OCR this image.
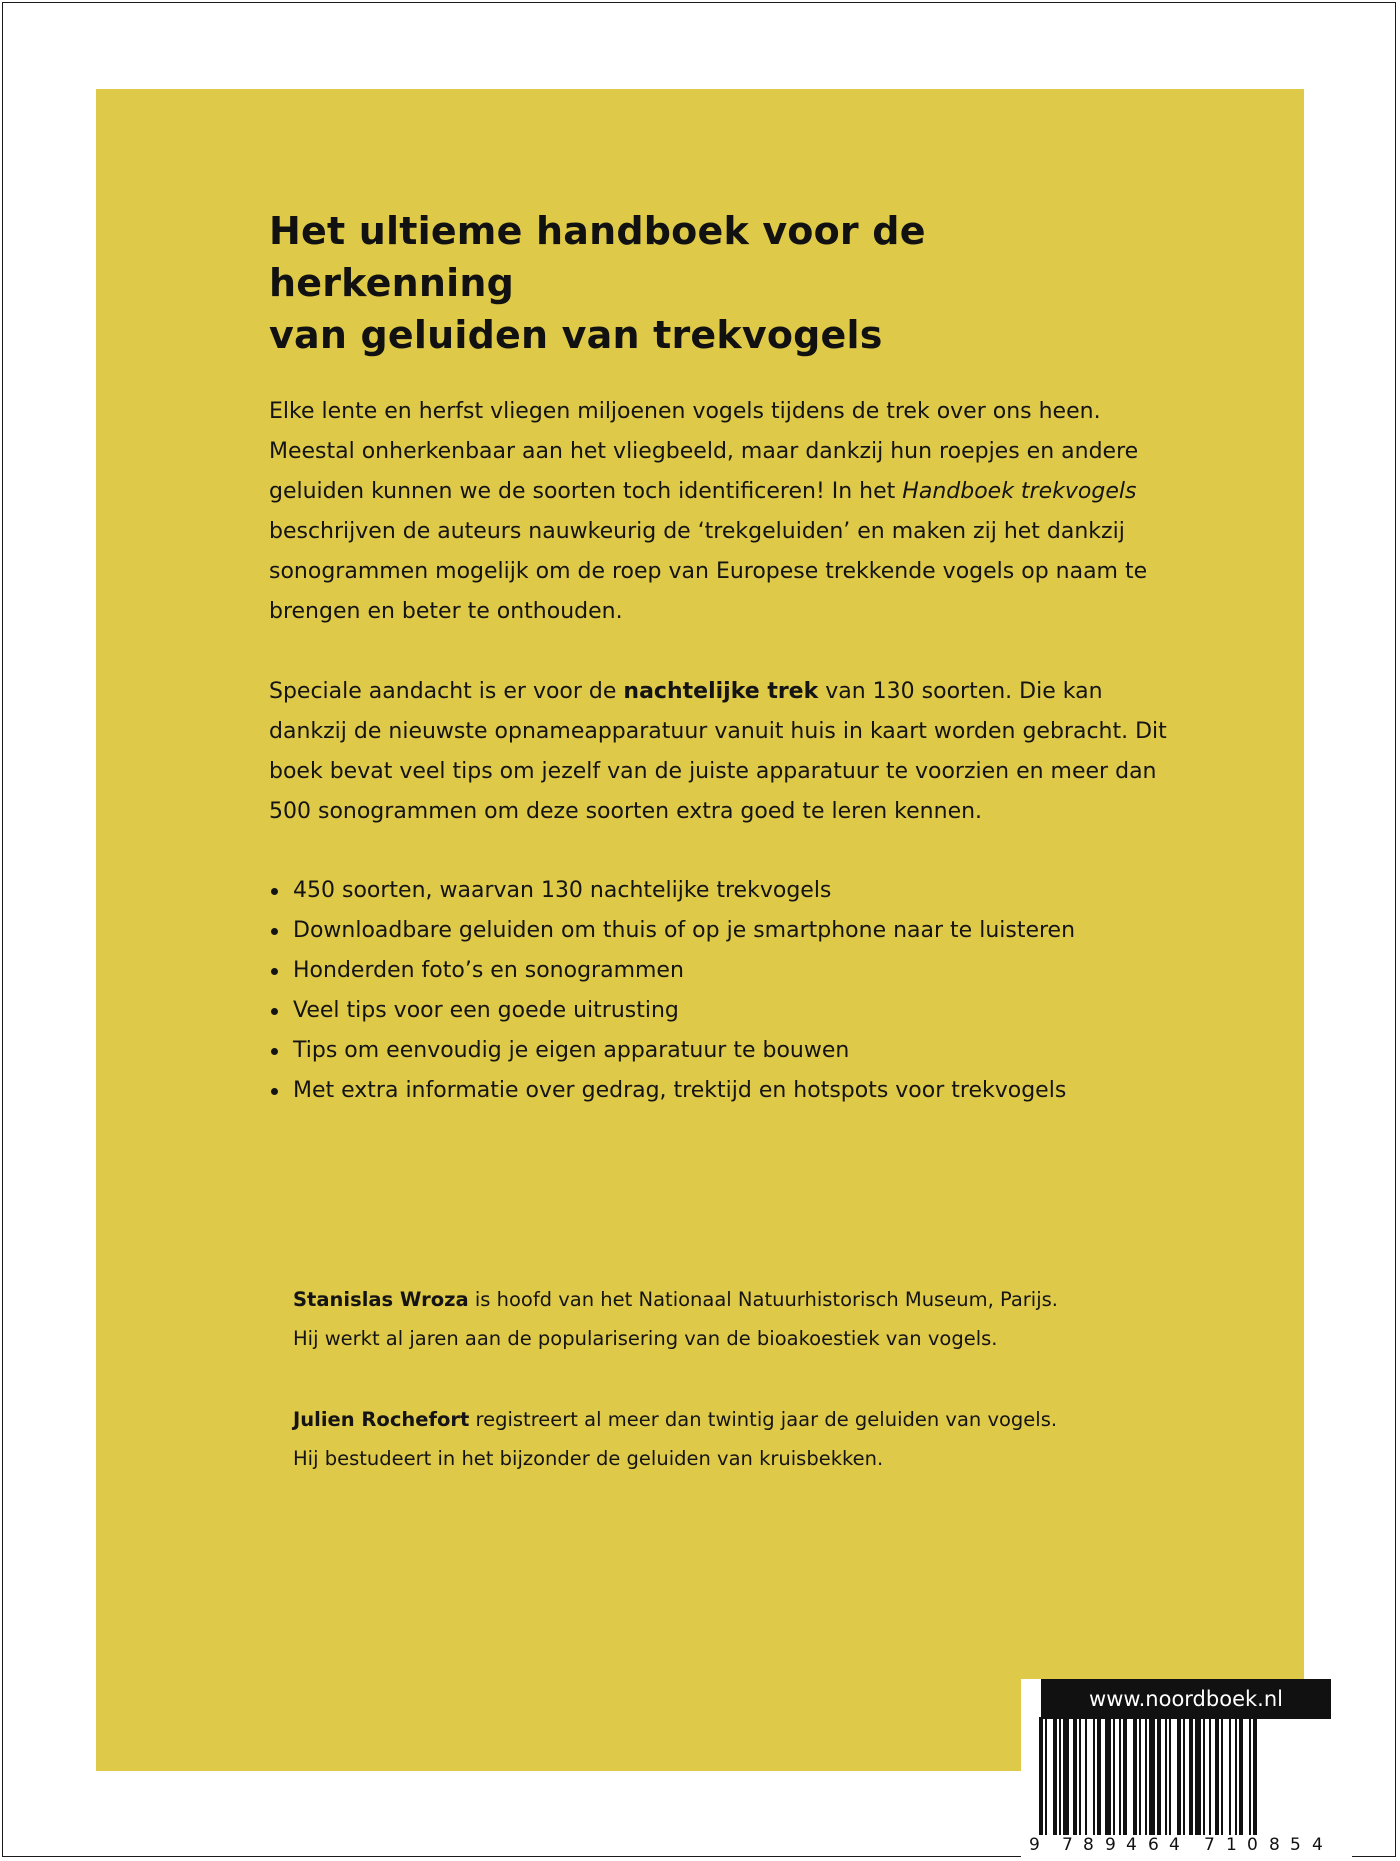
Het ultieme handboek voor de herkenning
van geluiden van trekvogels

Elke lente en herfst vliegen miljoenen vogels tijdens de trek over ons heen. Meestal onherkenbaar aan het vliegbeeld, maar dankzij hun roepjes en andere geluiden kunnen we de soorten toch identificeren! In het Handboek trekvogels beschrijven de auteurs nauwkeurig de ‘trekgeluiden’ en maken zij het dankzij sonogrammen mogelijk om de roep van Europese trekkende vogels op naam te brengen en beter te onthouden.

Speciale aandacht is er voor de nachtelijke trek van 130 soorten. Die kan dankzij de nieuwste opnameapparatuur vanuit huis in kaart worden gebracht. Dit boek bevat veel tips om jezelf van de juiste apparatuur te voorzien en meer dan 500 sonogrammen om deze soorten extra goed te leren kennen.

450 soorten, waarvan 130 nachtelijke trekvogels
Downloadbare geluiden om thuis of op je smartphone naar te luisteren
Honderden foto’s en sonogrammen
Veel tips voor een goede uitrusting
Tips om eenvoudig je eigen apparatuur te bouwen
Met extra informatie over gedrag, trektijd en hotspots voor trekvogels

Stanislas Wroza is hoofd van het Nationaal Natuurhistorisch Museum, Parijs.
Hij werkt al jaren aan de popularisering van de bioakoestiek van vogels.

Julien Rochefort registreert al meer dan twintig jaar de geluiden van vogels.
Hij bestudeert in het bijzonder de geluiden van kruisbekken.

www.noordboek.nl
9 7 8 9 4 6 4 7 1 0 8 5 4
